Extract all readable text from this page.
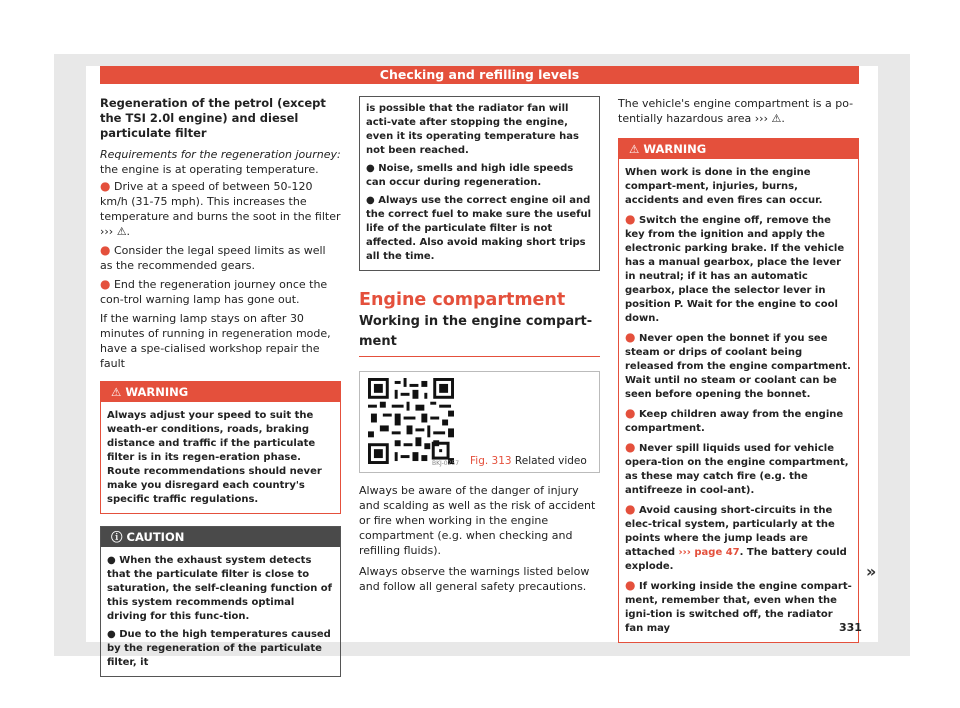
Checking and refilling levels

Regeneration of the petrol (except the TSI 2.0l engine) and diesel particulate filter

Requirements for the regeneration journey:
the engine is at operating temperature.

● Drive at a speed of between 50-120 km/h (31-75 mph). This increases the temperature and burns the soot in the filter ››› ⚠.

● Consider the legal speed limits as well as the recommended gears.

● End the regeneration journey once the con-trol warning lamp has gone out.

If the warning lamp stays on after 30 minutes of running in regeneration mode, have a spe-cialised workshop repair the fault

⚠ WARNING
Always adjust your speed to suit the weath-er conditions, roads, braking distance and traffic if the particulate filter is in its regen-eration phase. Route recommendations should never make you disregard each country's specific traffic regulations.
ⓘ CAUTION

● When the exhaust system detects that the particulate filter is close to saturation, the self-cleaning function of this system recommends optimal driving for this func-tion.

● Due to the high temperatures caused by the regeneration of the particulate filter, it

is possible that the radiator fan will acti-vate after stopping the engine, even it its operating temperature has not been reached.

● Noise, smells and high idle speeds can occur during regeneration.

● Always use the correct engine oil and the correct fuel to make sure the useful life of the particulate filter is not affected. Also avoid making short trips all the time.

Engine compartment
Working in the engine compart-ment
BKJ-0257 Fig. 313 Related video

Always be aware of the danger of injury and scalding as well as the risk of accident or fire when working in the engine compartment (e.g. when checking and refilling fluids).

Always observe the warnings listed below and follow all general safety precautions.

The vehicle's engine compartment is a po-tentially hazardous area ››› ⚠.

⚠ WARNING

When work is done in the engine compart-ment, injuries, burns, accidents and even fires can occur.

● Switch the engine off, remove the key from the ignition and apply the electronic parking brake. If the vehicle has a manual gearbox, place the lever in neutral; if it has an automatic gearbox, place the selector lever in position P. Wait for the engine to cool down.

● Never open the bonnet if you see steam or drips of coolant being released from the engine compartment. Wait until no steam or coolant can be seen before opening the bonnet.

● Keep children away from the engine compartment.

● Never spill liquids used for vehicle opera-tion on the engine compartment, as these may catch fire (e.g. the antifreeze in cool-ant).

● Avoid causing short-circuits in the elec-trical system, particularly at the points where the jump leads are attached ››› page 47. The battery could explode.

● If working inside the engine compart-ment, remember that, even when the igni-tion is switched off, the radiator fan may

»
331
